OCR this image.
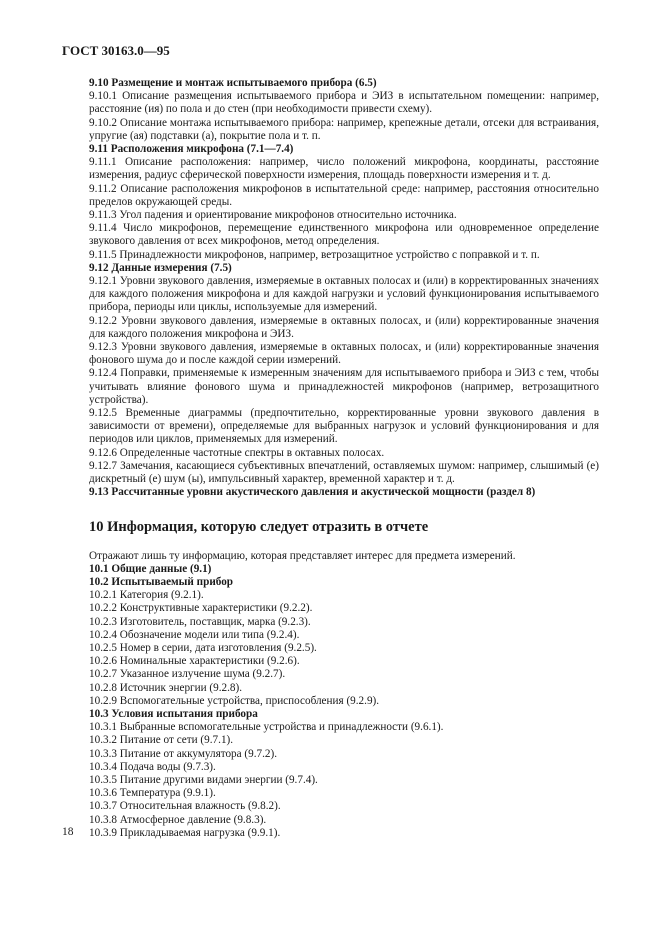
ГОСТ 30163.0—95
9.10 Размещение и монтаж испытываемого прибора (6.5)
9.10.1 Описание размещения испытываемого прибора и ЭИЗ в испытательном помещении: например, расстояние (ия) по пола и до стен (при необходимости привести схему).
9.10.2 Описание монтажа испытываемого прибора: например, крепежные детали, отсеки для встраивания, упругие (ая) подставки (а), покрытие пола и т. п.
9.11 Расположения микрофона (7.1—7.4)
9.11.1 Описание расположения: например, число положений микрофона, координаты, расстояние измерения, радиус сферической поверхности измерения, площадь поверхности измерения и т. д.
9.11.2 Описание расположения микрофонов в испытательной среде: например, расстояния относительно пределов окружающей среды.
9.11.3 Угол падения и ориентирование микрофонов относительно источника.
9.11.4 Число микрофонов, перемещение единственного микрофона или одновременное определение звукового давления от всех микрофонов, метод определения.
9.11.5 Принадлежности микрофонов, например, ветрозащитное устройство с поправкой и т. п.
9.12 Данные измерения (7.5)
9.12.1 Уровни звукового давления, измеряемые в октавных полосах и (или) в корректированных значениях для каждого положения микрофона и для каждой нагрузки и условий функционирования испытываемого прибора, периоды или циклы, используемые для измерений.
9.12.2 Уровни звукового давления, измеряемые в октавных полосах, и (или) корректированные значения для каждого положения микрофона и ЭИЗ.
9.12.3 Уровни звукового давления, измеряемые в октавных полосах, и (или) корректированные значения фонового шума до и после каждой серии измерений.
9.12.4 Поправки, применяемые к измеренным значениям для испытываемого прибора и ЭИЗ с тем, чтобы учитывать влияние фонового шума и принадлежностей микрофонов (например, ветрозащитного устройства).
9.12.5 Временные диаграммы (предпочтительно, корректированные уровни звукового давления в зависимости от времени), определяемые для выбранных нагрузок и условий функционирования и для периодов или циклов, применяемых для измерений.
9.12.6 Определенные частотные спектры в октавных полосах.
9.12.7 Замечания, касающиеся субъективных впечатлений, оставляемых шумом: например, слышимый (е) дискретный (е) шум (ы), импульсивный характер, временной характер и т. д.
9.13 Рассчитанные уровни акустического давления и акустической мощности (раздел 8)
10 Информация, которую следует отразить в отчете
Отражают лишь ту информацию, которая представляет интерес для предмета измерений.
10.1 Общие данные (9.1)
10.2 Испытываемый прибор
10.2.1 Категория (9.2.1).
10.2.2 Конструктивные характеристики (9.2.2).
10.2.3 Изготовитель, поставщик, марка (9.2.3).
10.2.4 Обозначение модели или типа (9.2.4).
10.2.5 Номер в серии, дата изготовления (9.2.5).
10.2.6 Номинальные характеристики (9.2.6).
10.2.7 Указанное излучение шума (9.2.7).
10.2.8 Источник энергии (9.2.8).
10.2.9 Вспомогательные устройства, приспособления (9.2.9).
10.3 Условия испытания прибора
10.3.1 Выбранные вспомогательные устройства и принадлежности (9.6.1).
10.3.2 Питание от сети (9.7.1).
10.3.3 Питание от аккумулятора (9.7.2).
10.3.4 Подача воды (9.7.3).
10.3.5 Питание другими видами энергии (9.7.4).
10.3.6 Температура (9.9.1).
10.3.7 Относительная влажность (9.8.2).
10.3.8 Атмосферное давление (9.8.3).
10.3.9 Прикладываемая нагрузка (9.9.1).
18
